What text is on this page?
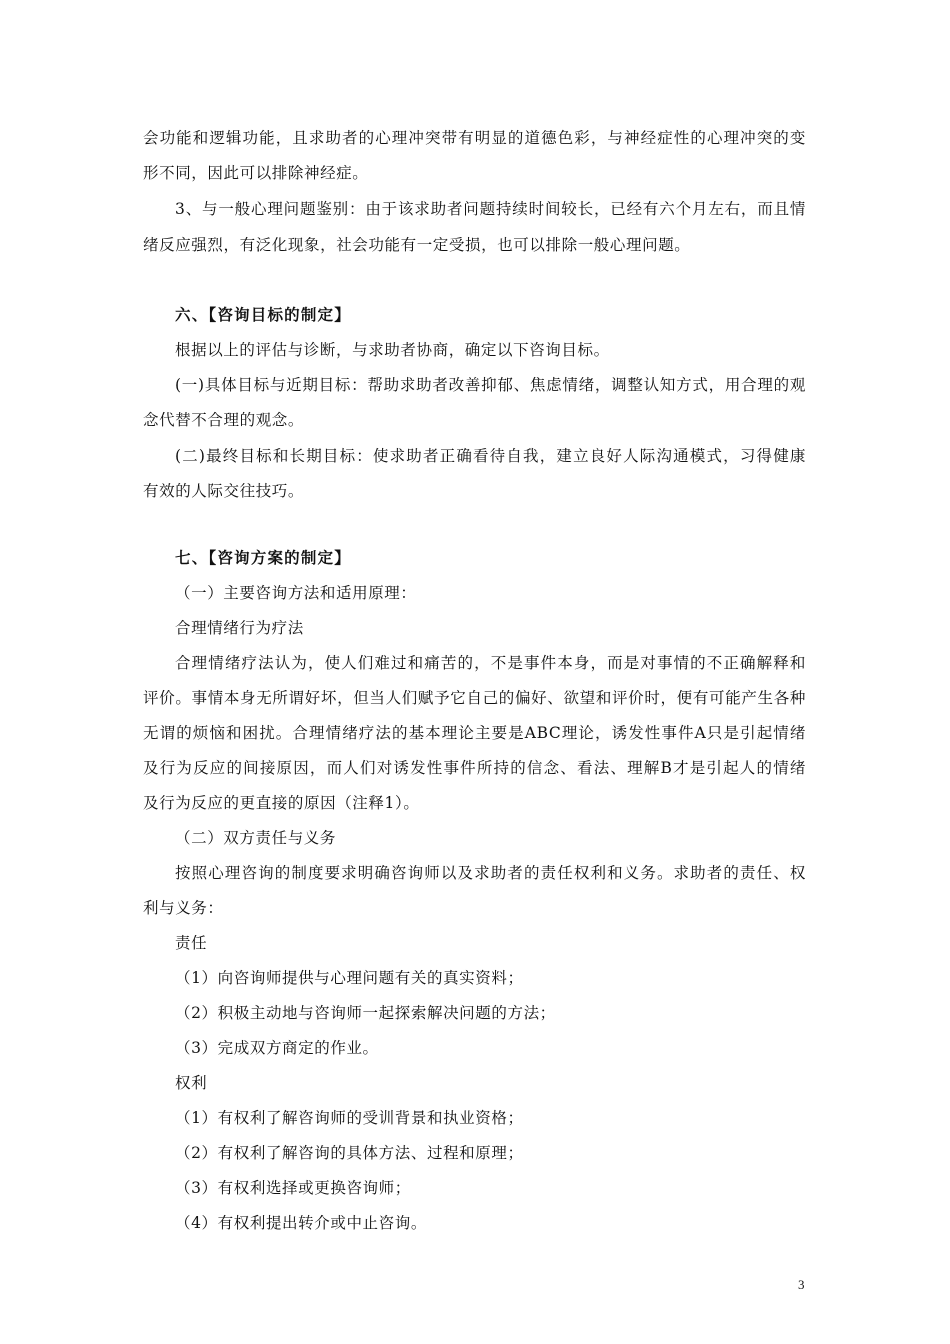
会功能和逻辑功能，且求助者的心理冲突带有明显的道德色彩，与神经症性的心理冲突的变
形不同，因此可以排除神经症。
3、与一般心理问题鉴别：由于该求助者问题持续时间较长，已经有六个月左右，而且情
绪反应强烈，有泛化现象，社会功能有一定受损，也可以排除一般心理问题。
六、【咨询目标的制定】
根据以上的评估与诊断，与求助者协商，确定以下咨询目标。
(一)具体目标与近期目标：帮助求助者改善抑郁、焦虑情绪，调整认知方式，用合理的观
念代替不合理的观念。
(二)最终目标和长期目标：使求助者正确看待自我，建立良好人际沟通模式，习得健康
有效的人际交往技巧。
七、【咨询方案的制定】
（一）主要咨询方法和适用原理：
合理情绪行为疗法
合理情绪疗法认为，使人们难过和痛苦的，不是事件本身，而是对事情的不正确解释和
评价。事情本身无所谓好坏，但当人们赋予它自己的偏好、欲望和评价时，便有可能产生各种
无谓的烦恼和困扰。合理情绪疗法的基本理论主要是ABC理论，诱发性事件A只是引起情绪
及行为反应的间接原因，而人们对诱发性事件所持的信念、看法、理解B才是引起人的情绪
及行为反应的更直接的原因（注释1）。
（二）双方责任与义务
按照心理咨询的制度要求明确咨询师以及求助者的责任权利和义务。求助者的责任、权
利与义务：
责任
（1）向咨询师提供与心理问题有关的真实资料；
（2）积极主动地与咨询师一起探索解决问题的方法；
（3）完成双方商定的作业。
权利
（1）有权利了解咨询师的受训背景和执业资格；
（2）有权利了解咨询的具体方法、过程和原理；
（3）有权利选择或更换咨询师；
（4）有权利提出转介或中止咨询。
3
